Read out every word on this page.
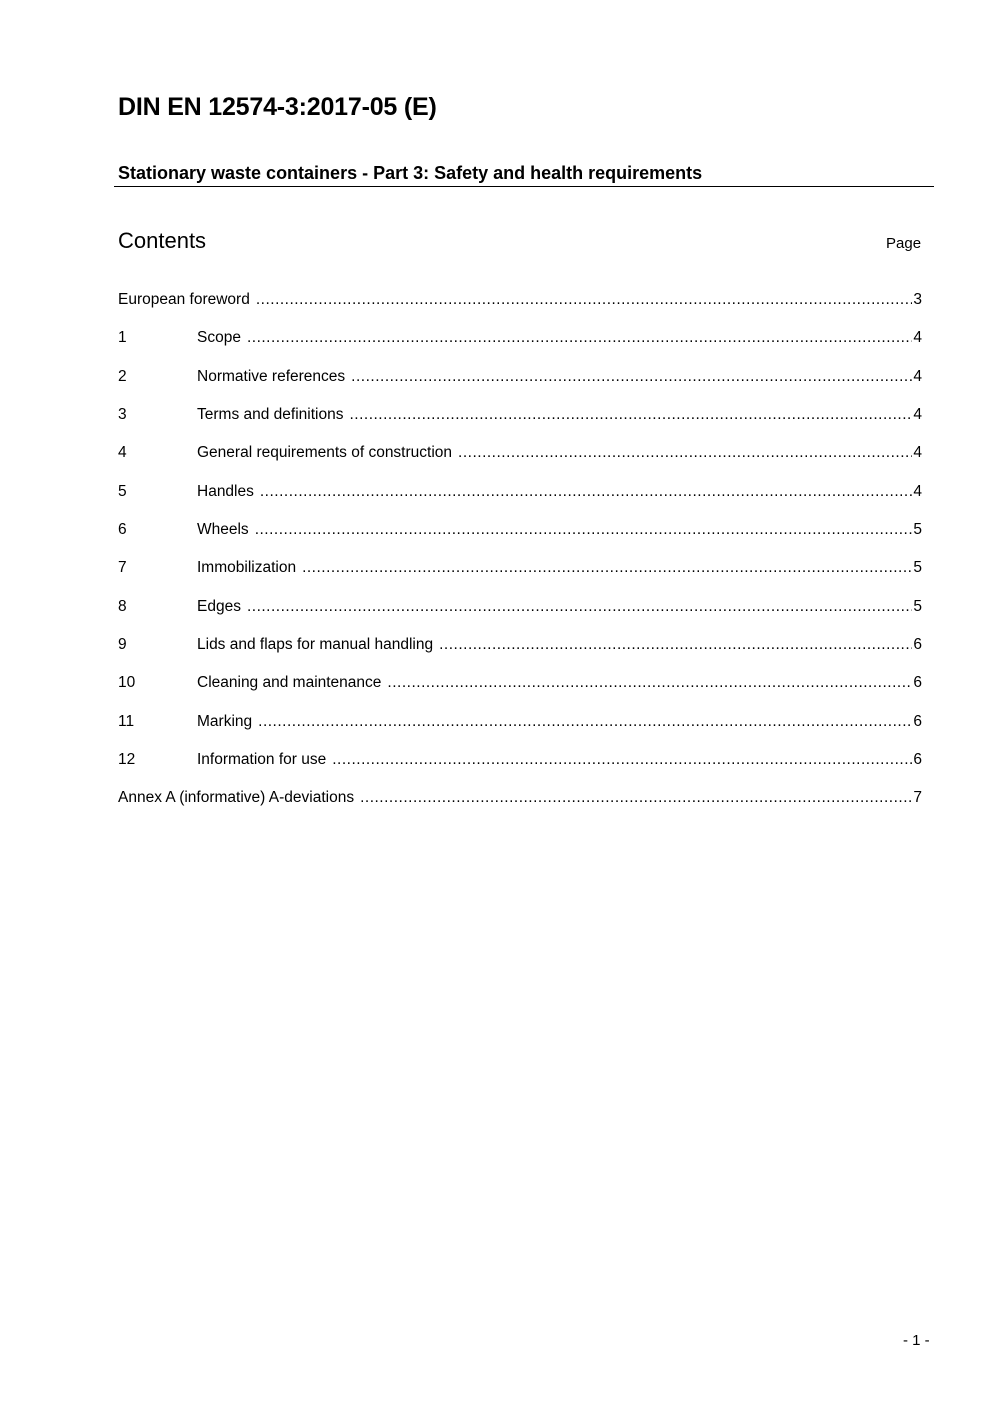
DIN EN 12574-3:2017-05 (E)
Stationary waste containers - Part 3: Safety and health requirements
Contents	Page
European foreword .....	3
1	Scope .....	4
2	Normative references .....	4
3	Terms and definitions .....	4
4	General requirements of construction .....	4
5	Handles .....	4
6	Wheels .....	5
7	Immobilization .....	5
8	Edges .....	5
9	Lids and flaps for manual handling .....	6
10	Cleaning and maintenance .....	6
11	Marking .....	6
12	Information for use .....	6
Annex A (informative) A-deviations .....	7
- 1 -
